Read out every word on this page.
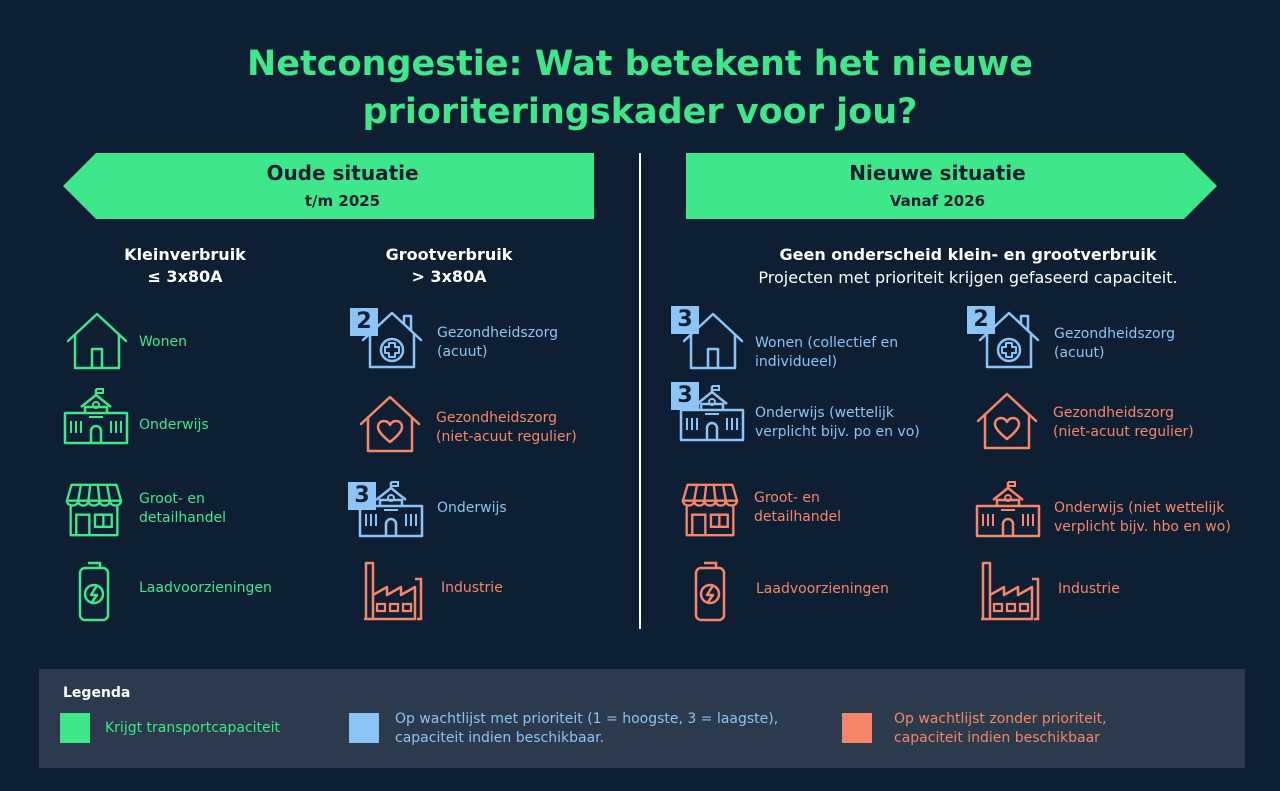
Netcongestie: Wat betekent het nieuwe
prioriteringskader voor jou?
Oude situatie
t/m 2025
Nieuwe situatie
Vanaf 2026
Kleinverbruik
≤ 3x80A
Grootverbruik
> 3x80A
Geen onderscheid klein- en grootverbruik
Projecten met prioriteit krijgen gefaseerd capaciteit.
Wonen
Onderwijs
Groot- en
detailhandel
Laadvoorzieningen
2	Gezondheidszorg
(acuut)
Gezondheidszorg
(niet-acuut regulier)
3	Onderwijs
Industrie
3
Wonen (collectief en
individueel)
3
Onderwijs (wettelijk
verplicht bijv. po en vo)
Groot- en
detailhandel
Laadvoorzieningen
2
Gezondheidszorg
(acuut)
Gezondheidszorg
(niet-acuut regulier)
Onderwijs (niet wettelijk
verplicht bijv. hbo en wo)
Industrie
Legenda
Krijgt transportcapaciteit
Op wachtlijst met prioriteit (1 = hoogste, 3 = laagste),
capaciteit indien beschikbaar.
Op wachtlijst zonder prioriteit,
capaciteit indien beschikbaar
